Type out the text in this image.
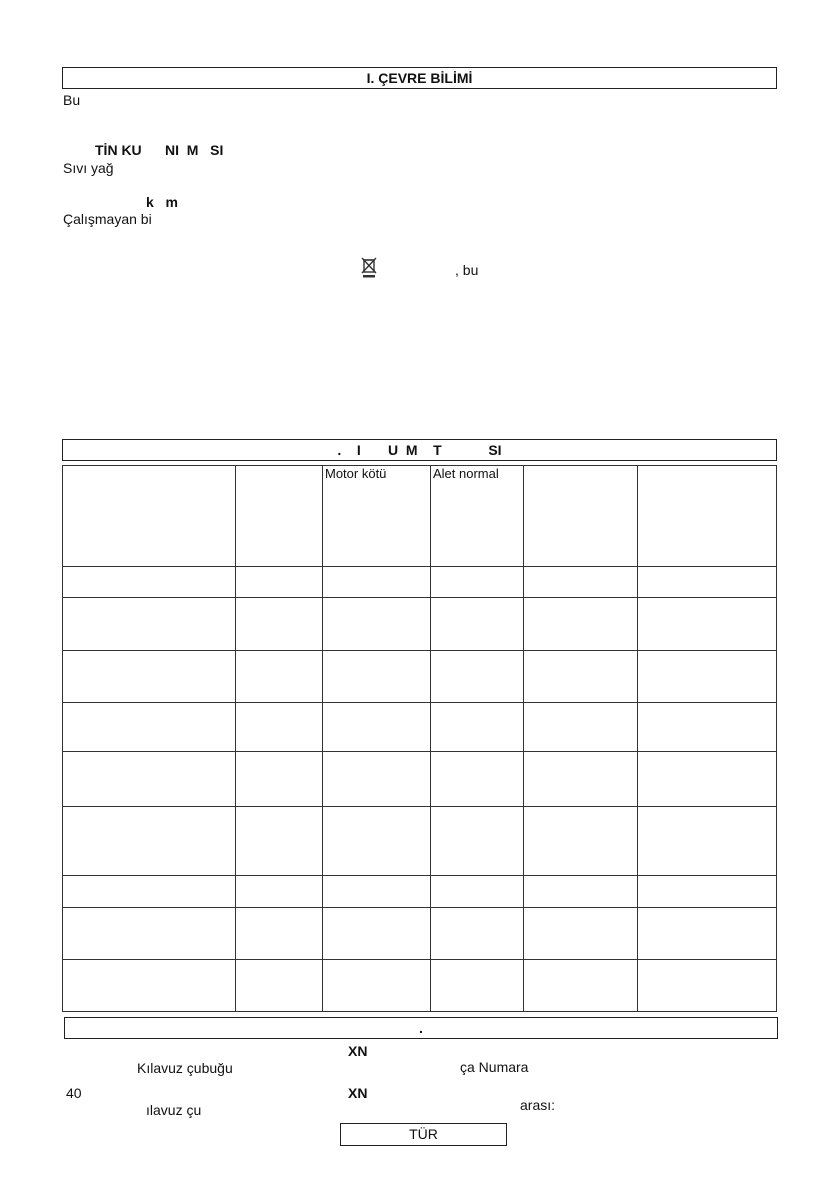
I. ÇEVRE BİLİMİ
Bu
TİN KU      NI  M   SI
Sıvı yağ
k   m
Çalışmayan bi
, bu
.    I       U  M    T            SI
		Motor kötü	Alet normal		

.
XN
Kılavuz çubuğu	ça Numara
40	XN
arası:
ılavuz çu
TÜR
